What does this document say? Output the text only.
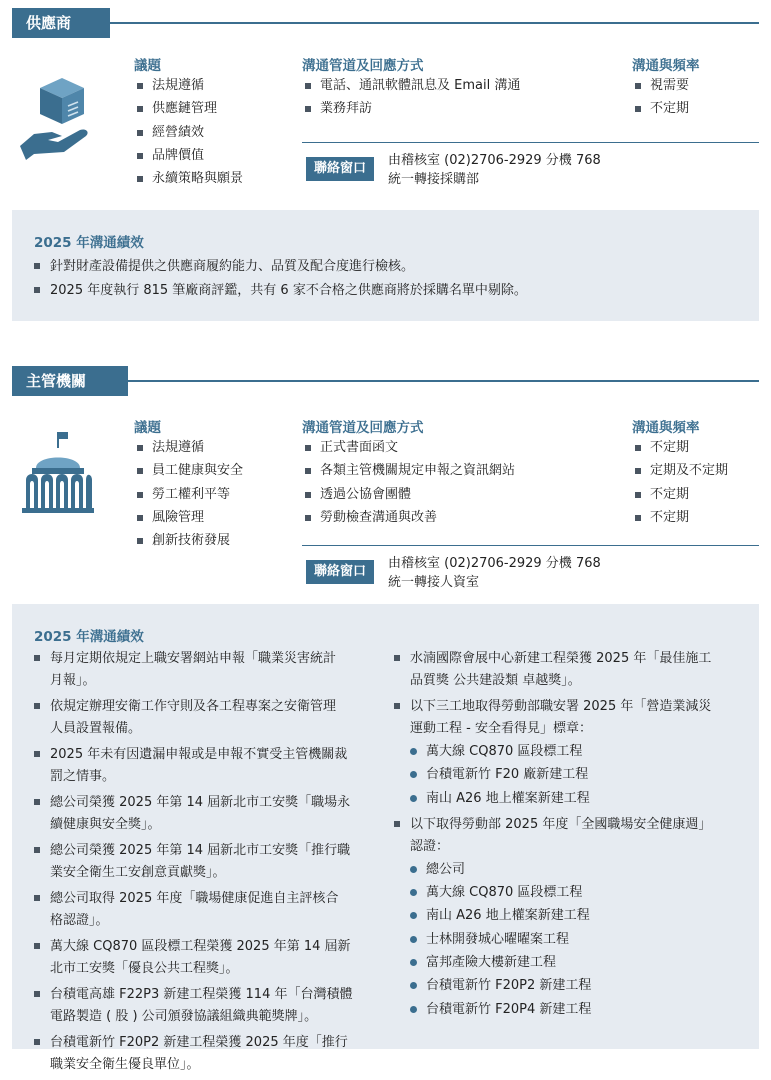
供應商
議題
法規遵循
供應鏈管理
經營績效
品牌價值
永續策略與願景
溝通管道及回應方式
電話、通訊軟體訊息及 Email 溝通
業務拜訪
溝通與頻率
視需要
不定期
聯絡窗口
由稽核室 (02)2706-2929 分機 768
統一轉接採購部
2025 年溝通績效
針對財產設備提供之供應商履約能力、品質及配合度進行檢核。
2025 年度執行 815 筆廠商評鑑，共有 6 家不合格之供應商將於採購名單中剔除。
主管機關
議題
法規遵循
員工健康與安全
勞工權利平等
風險管理
創新技術發展
溝通管道及回應方式
正式書面函文
各類主管機關規定申報之資訊網站
透過公協會團體
勞動檢查溝通與改善
溝通與頻率
不定期
定期及不定期
不定期
不定期
聯絡窗口
由稽核室 (02)2706-2929 分機 768
統一轉接人資室
2025 年溝通績效
每月定期依規定上職安署網站申報「職業災害統計
月報」。
依規定辦理安衛工作守則及各工程專案之安衛管理
人員設置報備。
2025 年未有因遺漏申報或是申報不實受主管機關裁
罰之情事。
總公司榮獲 2025 年第 14 屆新北市工安獎「職場永
續健康與安全獎」。
總公司榮獲 2025 年第 14 屆新北市工安獎「推行職
業安全衛生工安創意貢獻獎」。
總公司取得 2025 年度「職場健康促進自主評核合
格認證」。
萬大線 CQ870 區段標工程榮獲 2025 年第 14 屆新
北市工安獎「優良公共工程獎」。
台積電高雄 F22P3 新建工程榮獲 114 年「台灣積體
電路製造 ( 股 ) 公司頒發協議組織典範獎牌」。
台積電新竹 F20P2 新建工程榮獲 2025 年度「推行
職業安全衛生優良單位」。
水湳國際會展中心新建工程榮獲 2025 年「最佳施工
品質獎 公共建設類 卓越獎」。
以下三工地取得勞動部職安署 2025 年「營造業減災
運動工程 - 安全看得見」標章：
萬大線 CQ870 區段標工程
台積電新竹 F20 廠新建工程
南山 A26 地上權案新建工程
以下取得勞動部 2025 年度「全國職場安全健康週」
認證：
總公司
萬大線 CQ870 區段標工程
南山 A26 地上權案新建工程
士林開發城心曜曜案工程
富邦產險大樓新建工程
台積電新竹 F20P2 新建工程
台積電新竹 F20P4 新建工程
